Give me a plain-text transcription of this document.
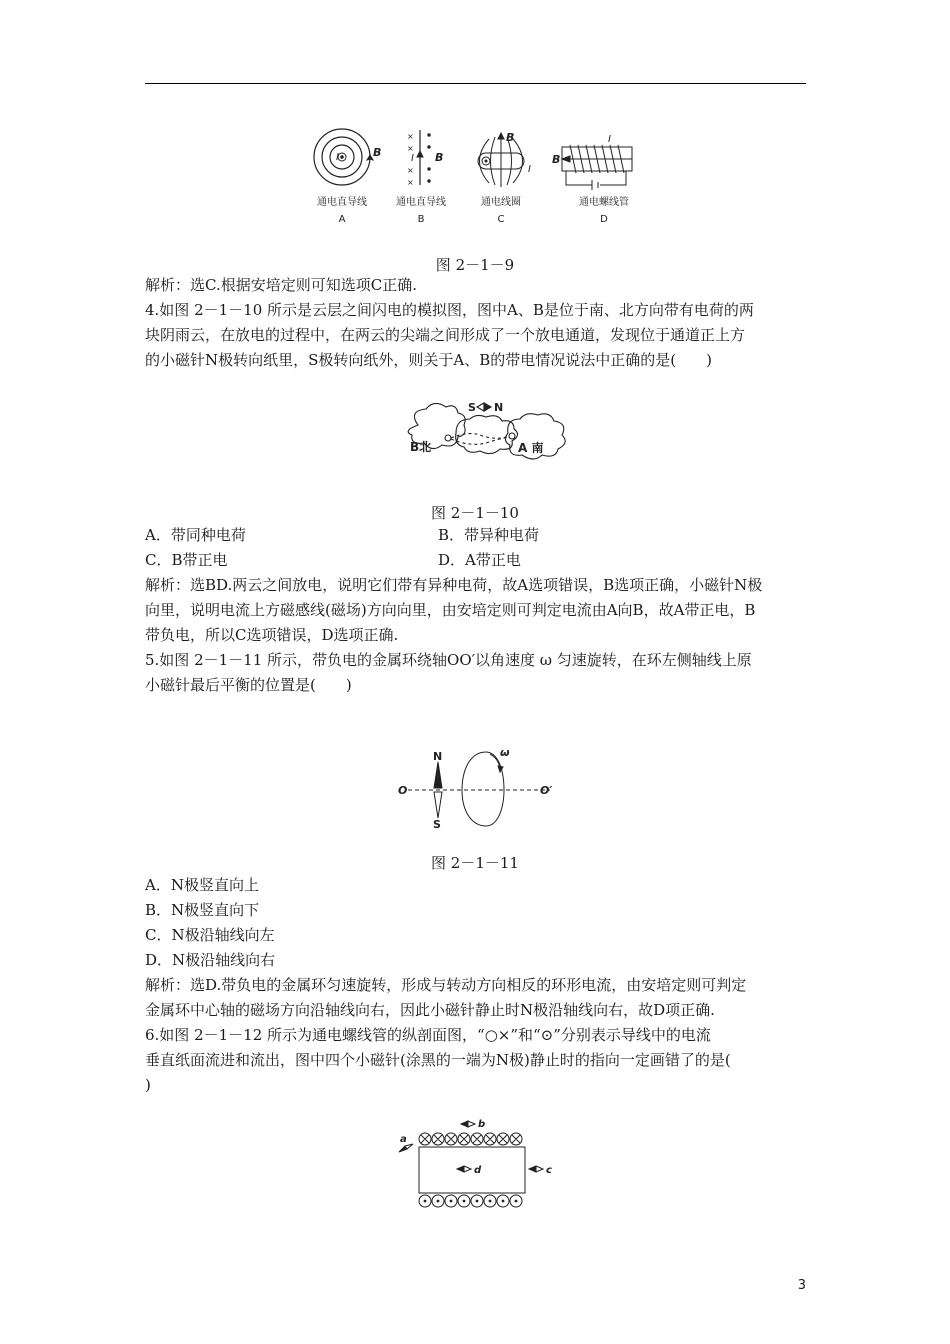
I	B
×
×
×
×
I B
B
I
I
B
通电直导线
A
通电直导线
B
通电线圈
C
通电螺线管
D
图 2－1－9
解析：选C.根据安培定则可知选项C正确.
4.如图 2－1－10 所示是云层之间闪电的模拟图，图中A、B是位于南、北方向带有电荷的两
块阴雨云，在放电的过程中，在两云的尖端之间形成了一个放电通道，发现位于通道正上方
的小磁针N极转向纸里，S极转向纸外，则关于A、B的带电情况说法中正确的是(　　)
S N
B北	A 南
图 2－1－10
A．带同种电荷	B．带异种电荷
C．B带正电	D．A带正电
解析：选BD.两云之间放电，说明它们带有异种电荷，故A选项错误，B选项正确，小磁针N极
向里，说明电流上方磁感线(磁场)方向向里，由安培定则可判定电流由A向B，故A带正电，B
带负电，所以C选项错误，D选项正确.
5.如图 2－1－11 所示，带负电的金属环绕轴OO′以角速度 ω 匀速旋转，在环左侧轴线上原
小磁针最后平衡的位置是(　　)
N
S
O	O′
ω
图 2－1－11
A．N极竖直向上
B．N极竖直向下
C．N极沿轴线向左
D．N极沿轴线向右
解析：选D.带负电的金属环匀速旋转，形成与转动方向相反的环形电流，由安培定则可判定
金属环中心轴的磁场方向沿轴线向右，因此小磁针静止时N极沿轴线向右，故D项正确.
6.如图 2－1－12 所示为通电螺线管的纵剖面图，“○×”和“⊙”分别表示导线中的电流
垂直纸面流进和流出，图中四个小磁针(涂黑的一端为N极)静止时的指向一定画错了的是(
)
a
b
d	c
3
